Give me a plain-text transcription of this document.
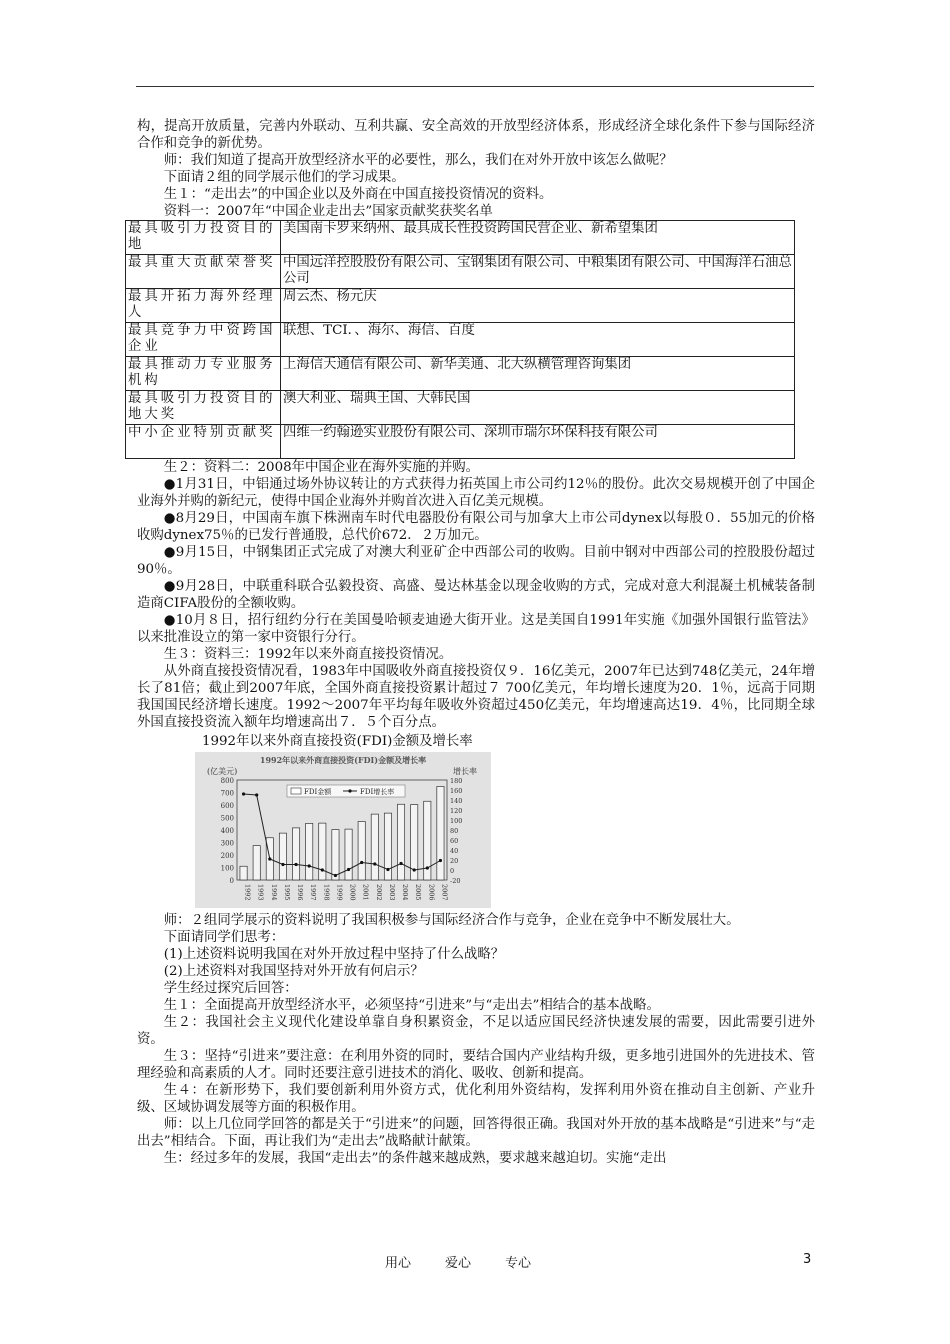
构，提高开放质量，完善内外联动、互利共赢、安全高效的开放型经济体系，形成经济全球化条件下参与国际经济合作和竞争的新优势。

师：我们知道了提高开放型经济水平的必要性，那么，我们在对外开放中该怎么做呢？

下面请２组的同学展示他们的学习成果。

生１：“走出去”的中国企业以及外商在中国直接投资情况的资料。

资料一：2007年“中国企业走出去”国家贡献奖获奖名单

最具吸引力投资目的地	美国南卡罗来纳州、最具成长性投资跨国民营企业、新希望集团
最具重大贡献荣誉奖	中国远洋控股股份有限公司、宝钢集团有限公司、中粮集团有限公司、中国海洋石油总公司
最具开拓力海外经理人	周云杰、杨元庆
最具竞争力中资跨国企业	联想、TCI．、海尔、海信、百度
最具推动力专业服务机构	上海信天通信有限公司、新华美通、北大纵横管理咨询集团
最具吸引力投资目的地大奖	澳大利亚、瑞典王国、大韩民国
中小企业特别贡献奖	四维一约翰逊实业股份有限公司、深圳市瑞尔环保科技有限公司

生２：资料二：2008年中国企业在海外实施的并购。

●1月31日，中铝通过场外协议转让的方式获得力拓英国上市公司约12％的股份。此次交易规模开创了中国企业海外并购的新纪元，使得中国企业海外并购首次进入百亿美元规模。

●8月29日，中国南车旗下株洲南车时代电器股份有限公司与加拿大上市公司dynex以每股０．55加元的价格收购dynex75％的已发行普通股，总代价672．２万加元。

●9月15日，中钢集团正式完成了对澳大利亚矿企中西部公司的收购。目前中钢对中西部公司的控股股份超过90％。

●9月28日，中联重科联合弘毅投资、高盛、曼达林基金以现金收购的方式，完成对意大利混凝土机械装备制造商CIFA股份的全额收购。

●10月８日，招行纽约分行在美国曼哈顿麦迪逊大街开业。这是美国自1991年实施《加强外国银行监管法》以来批准设立的第一家中资银行分行。

生３：资料三：1992年以来外商直接投资情况。

从外商直接投资情况看，1983年中国吸收外商直接投资仅９．16亿美元，2007年已达到748亿美元，24年增长了81倍；截止到2007年底，全国外商直接投资累计超过７ 700亿美元，年均增长速度为20．1％，远高于同期我国国民经济增长速度。1992～2007年平均每年吸收外资超过450亿美元，年均增速高达19．4％，比同期全球外国直接投资流入额年均增速高出７．５个百分点。

1992年以来外商直接投资(FDI)金额及增长率
1992年以来外商直接投资(FDI)金额及增长率
(亿美元)	增长率
0
100
200
300
400
500
600
700
800
-20
0
20
40
60
80
100
120
140
160
180
1992 1993 1994 1995 1996 1997 1998 1999 2000 2001 2002 2003 2004 2005 2006 2007
FDI金额	FDI增长率

师：２组同学展示的资料说明了我国积极参与国际经济合作与竞争，企业在竞争中不断发展壮大。

下面请同学们思考：

(1)上述资料说明我国在对外开放过程中坚持了什么战略？

(2)上述资料对我国坚持对外开放有何启示？

学生经过探究后回答：

生１：全面提高开放型经济水平，必须坚持“引进来”与“走出去”相结合的基本战略。

生２：我国社会主义现代化建设单靠自身积累资金，不足以适应国民经济快速发展的需要，因此需要引进外资。

生３：坚持“引进来”要注意：在利用外资的同时，要结合国内产业结构升级，更多地引进国外的先进技术、管理经验和高素质的人才。同时还要注意引进技术的消化、吸收、创新和提高。

生４：在新形势下，我们要创新利用外资方式，优化利用外资结构，发挥利用外资在推动自主创新、产业升级、区域协调发展等方面的积极作用。

师：以上几位同学回答的都是关于“引进来”的问题，回答得很正确。我国对外开放的基本战略是“引进来”与“走出去”相结合。下面，再让我们为“走出去”战略献计献策。

生：经过多年的发展，我国“走出去”的条件越来越成熟，要求越来越迫切。实施“走出

用心	爱心	专心	3
